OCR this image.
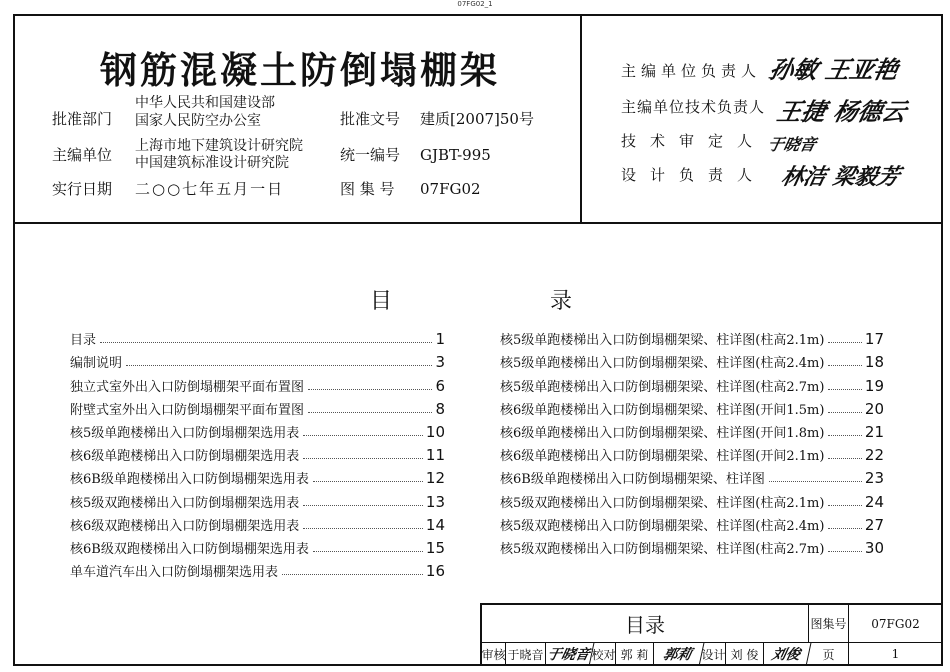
07FG02_1
钢筋混凝土防倒塌棚架
批准部门
中华人民共和国建设部
国家人民防空办公室	批准文号 建质[2007]50号
主编单位 上海市地下建筑设计研究院
中国建筑标准设计研究院	统一编号 GJBT-995
实行日期 二○○七年五月一日	图 集 号 07FG02
主编单位负责人 孙敏 王亚艳
主编单位技术负责人 王捷 杨德云
技术审定人 于晓音
设计负责人 林洁 梁毅芳
目	录
目录	1
编制说明	3
独立式室外出入口防倒塌棚架平面布置图	6
附壁式室外出入口防倒塌棚架平面布置图	8
核5级单跑楼梯出入口防倒塌棚架选用表	10
核6级单跑楼梯出入口防倒塌棚架选用表	11
核6B级单跑楼梯出入口防倒塌棚架选用表	12
核5级双跑楼梯出入口防倒塌棚架选用表	13
核6级双跑楼梯出入口防倒塌棚架选用表	14
核6B级双跑楼梯出入口防倒塌棚架选用表	15
单车道汽车出入口防倒塌棚架选用表	16
核5级单跑楼梯出入口防倒塌棚架梁、柱详图(柱高2.1m)	17
核5级单跑楼梯出入口防倒塌棚架梁、柱详图(柱高2.4m)	18
核5级单跑楼梯出入口防倒塌棚架梁、柱详图(柱高2.7m)	19
核6级单跑楼梯出入口防倒塌棚架梁、柱详图(开间1.5m)	20
核6级单跑楼梯出入口防倒塌棚架梁、柱详图(开间1.8m)	21
核6级单跑楼梯出入口防倒塌棚架梁、柱详图(开间2.1m)	22
核6B级单跑楼梯出入口防倒塌棚架梁、柱详图	23
核5级双跑楼梯出入口防倒塌棚架梁、柱详图(柱高2.1m)	24
核5级双跑楼梯出入口防倒塌棚架梁、柱详图(柱高2.4m)	27
核5级双跑楼梯出入口防倒塌棚架梁、柱详图(柱高2.7m)	30
目录	图集号	07FG02
审核 于晓音 于晓音 校对 郭 莉 郭莉 设计 刘 俊 刘俊	页	1
